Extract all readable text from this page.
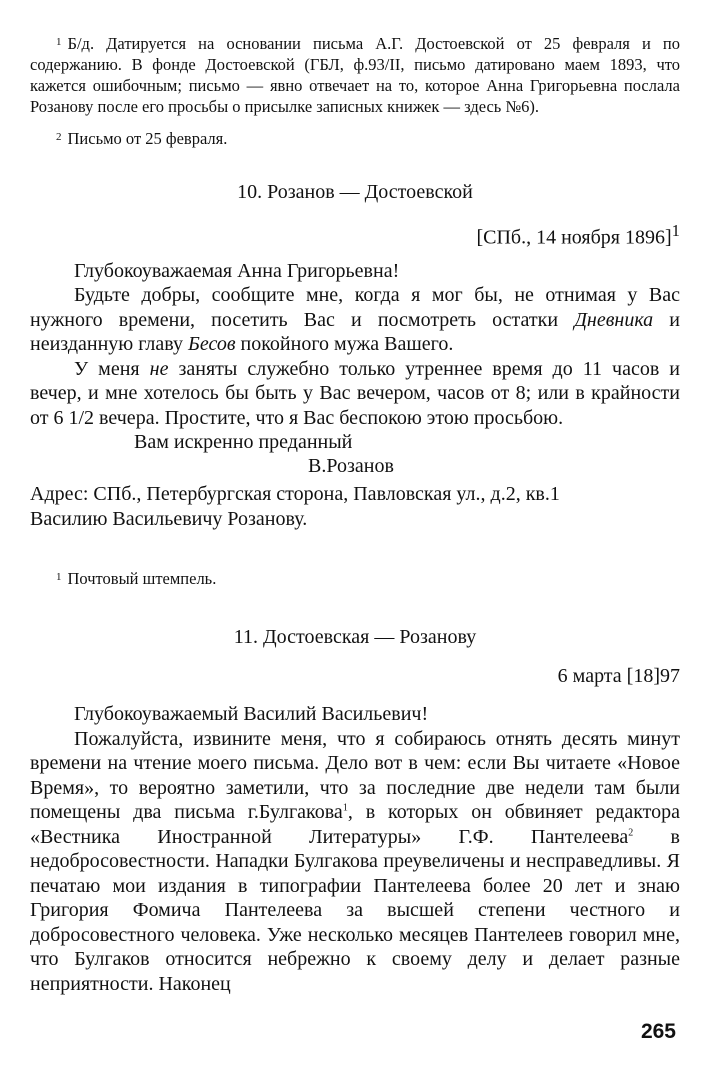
$^1$ Б/д. Датируется на основании письма А.Г. Достоевской от 25 февраля и по содержанию. В фонде Достоевской (ГБЛ, ф.93/II, письмо датировано маем 1893, что кажется ошибочным; письмо — явно отвечает на то, которое Анна Григорьевна послала Розанову после его просьбы о присылке записных книжек — здесь №6).

$^2$ Письмо от 25 февраля.

10. Розанов — Достоевской

[СПб., 14 ноября 1896]$^1$

Глубокоуважаемая Анна Григорьевна!

Будьте добры, сообщите мне, когда я мог бы, не отнимая у Вас нужного времени, посетить Вас и посмотреть остатки Дневника и неизданную главу Бесов покойного мужа Вашего.

У меня не заняты служебно только утреннее время до 11 часов и вечер, и мне хотелось бы быть у Вас вечером, часов от 8; или в крайности от 6 1/2 вечера. Простите, что я Вас беспокою этою просьбою.

Вам искренно преданный

В.Розанов

Адрес: СПб., Петербургская сторона, Павловская ул., д.2, кв.1

Василию Васильевичу Розанову.

$^1$ Почтовый штемпель.

11. Достоевская — Розанову

6 марта [18]97

Глубокоуважаемый Василий Васильевич!

Пожалуйста, извините меня, что я собираюсь отнять десять минут времени на чтение моего письма. Дело вот в чем: если Вы читаете «Новое Время», то вероятно заметили, что за последние две недели там были помещены два письма г.Булгакова$^1$, в которых он обвиняет редактора «Вестника Иностранной Литературы» Г.Ф. Пантелеева$^2$ в недобросовестности. Нападки Булгакова преувеличены и несправедливы. Я печатаю мои издания в типографии Пантелеева более 20 лет и знаю Григория Фомича Пантелеева за высшей степени честного и добросовестного человека. Уже несколько месяцев Пантелеев говорил мне, что Булгаков относится небрежно к своему делу и делает разные неприятности. Наконец

265
